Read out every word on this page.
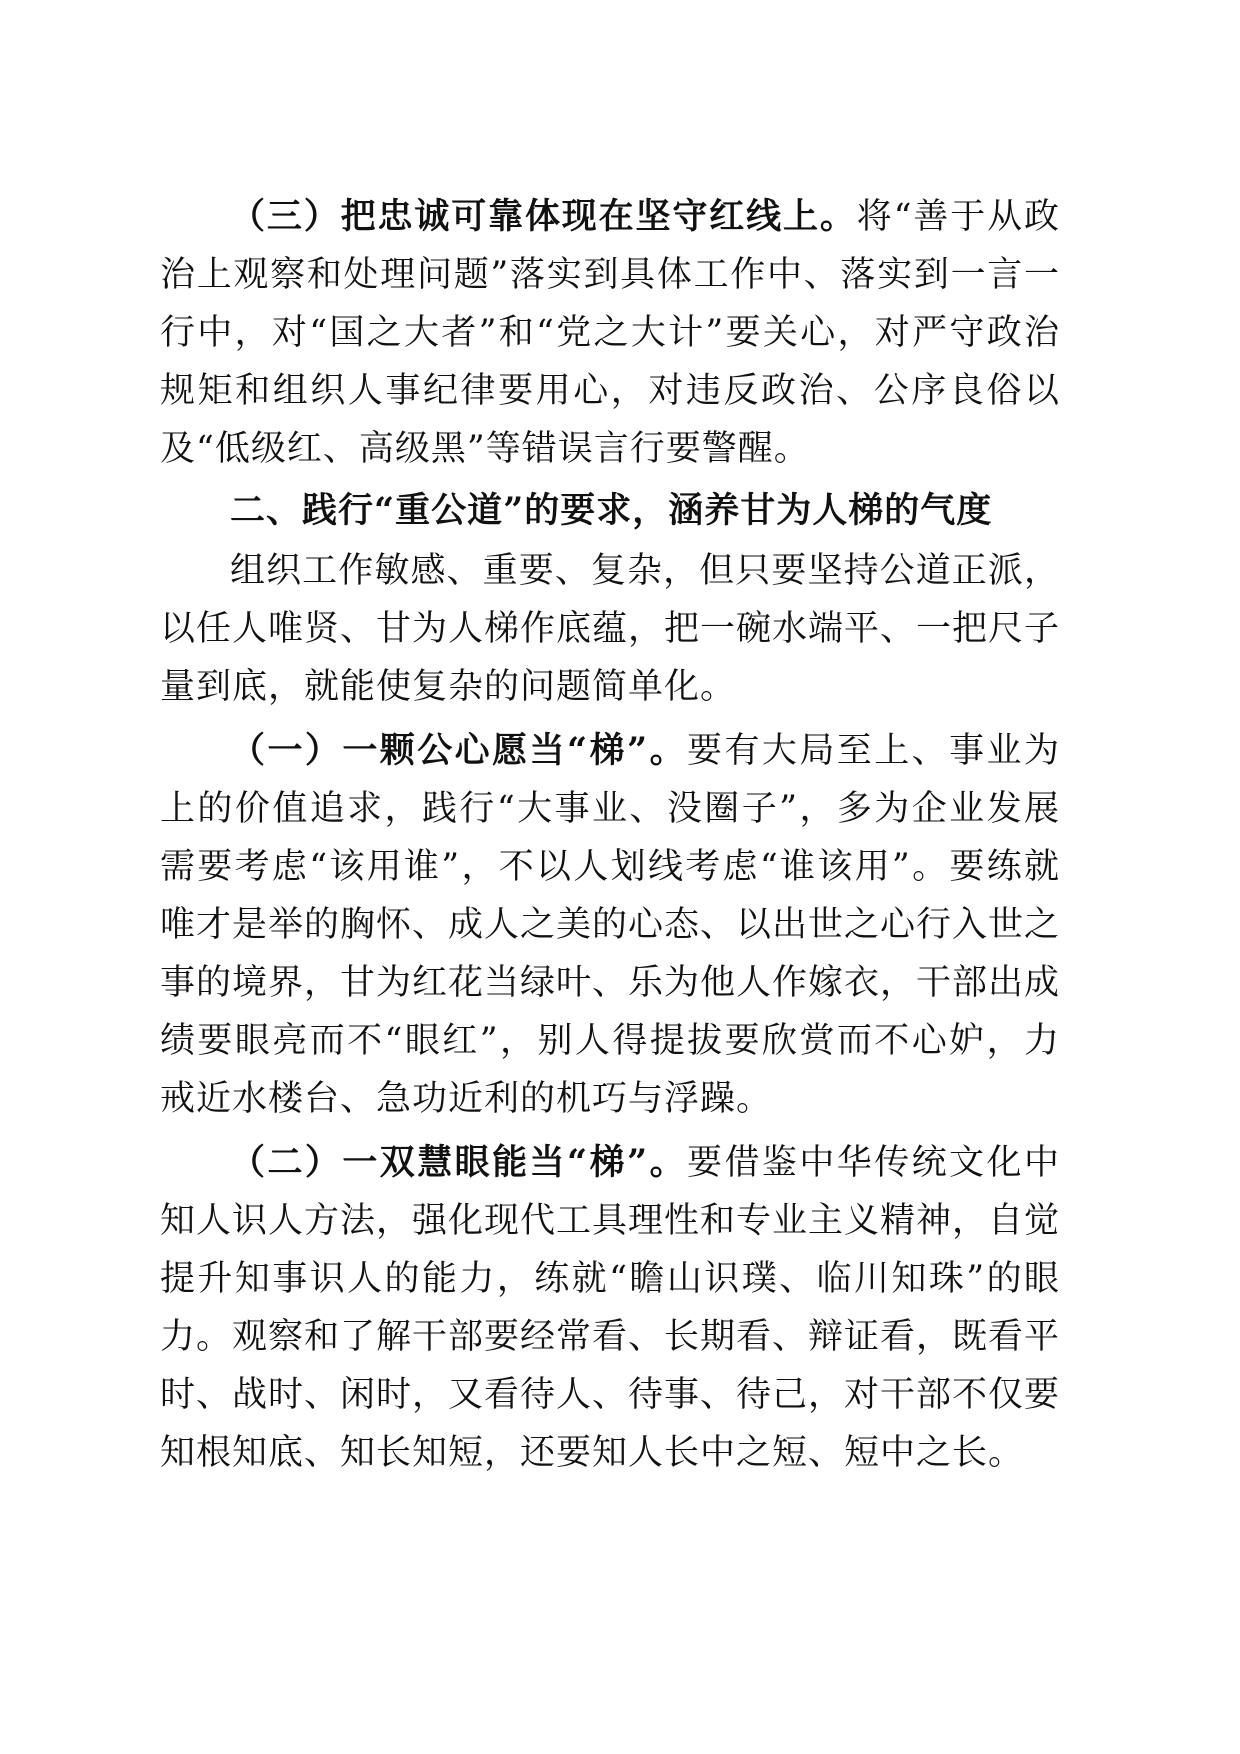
（三）把忠诚可靠体现在坚守红线上。将“善于从政治上观察和处理问题”落实到具体工作中、落实到一言一行中，对“国之大者”和“党之大计”要关心，对严守政治规矩和组织人事纪律要用心，对违反政治、公序良俗以及“低级红、高级黑”等错误言行要警醒。

二、践行“重公道”的要求，涵养甘为人梯的气度

组织工作敏感、重要、复杂，但只要坚持公道正派，以任人唯贤、甘为人梯作底蕴，把一碗水端平、一把尺子量到底，就能使复杂的问题简单化。

（一）一颗公心愿当“梯”。要有大局至上、事业为上的价值追求，践行“大事业、没圈子”，多为企业发展需要考虑“该用谁”，不以人划线考虑“谁该用”。要练就唯才是举的胸怀、成人之美的心态、以出世之心行入世之事的境界，甘为红花当绿叶、乐为他人作嫁衣，干部出成绩要眼亮而不“眼红”，别人得提拔要欣赏而不心妒，力戒近水楼台、急功近利的机巧与浮躁。

（二）一双慧眼能当“梯”。要借鉴中华传统文化中知人识人方法，强化现代工具理性和专业主义精神，自觉提升知事识人的能力，练就“瞻山识璞、临川知珠”的眼力。观察和了解干部要经常看、长期看、辩证看，既看平时、战时、闲时，又看待人、待事、待己，对干部不仅要知根知底、知长知短，还要知人长中之短、短中之长。
